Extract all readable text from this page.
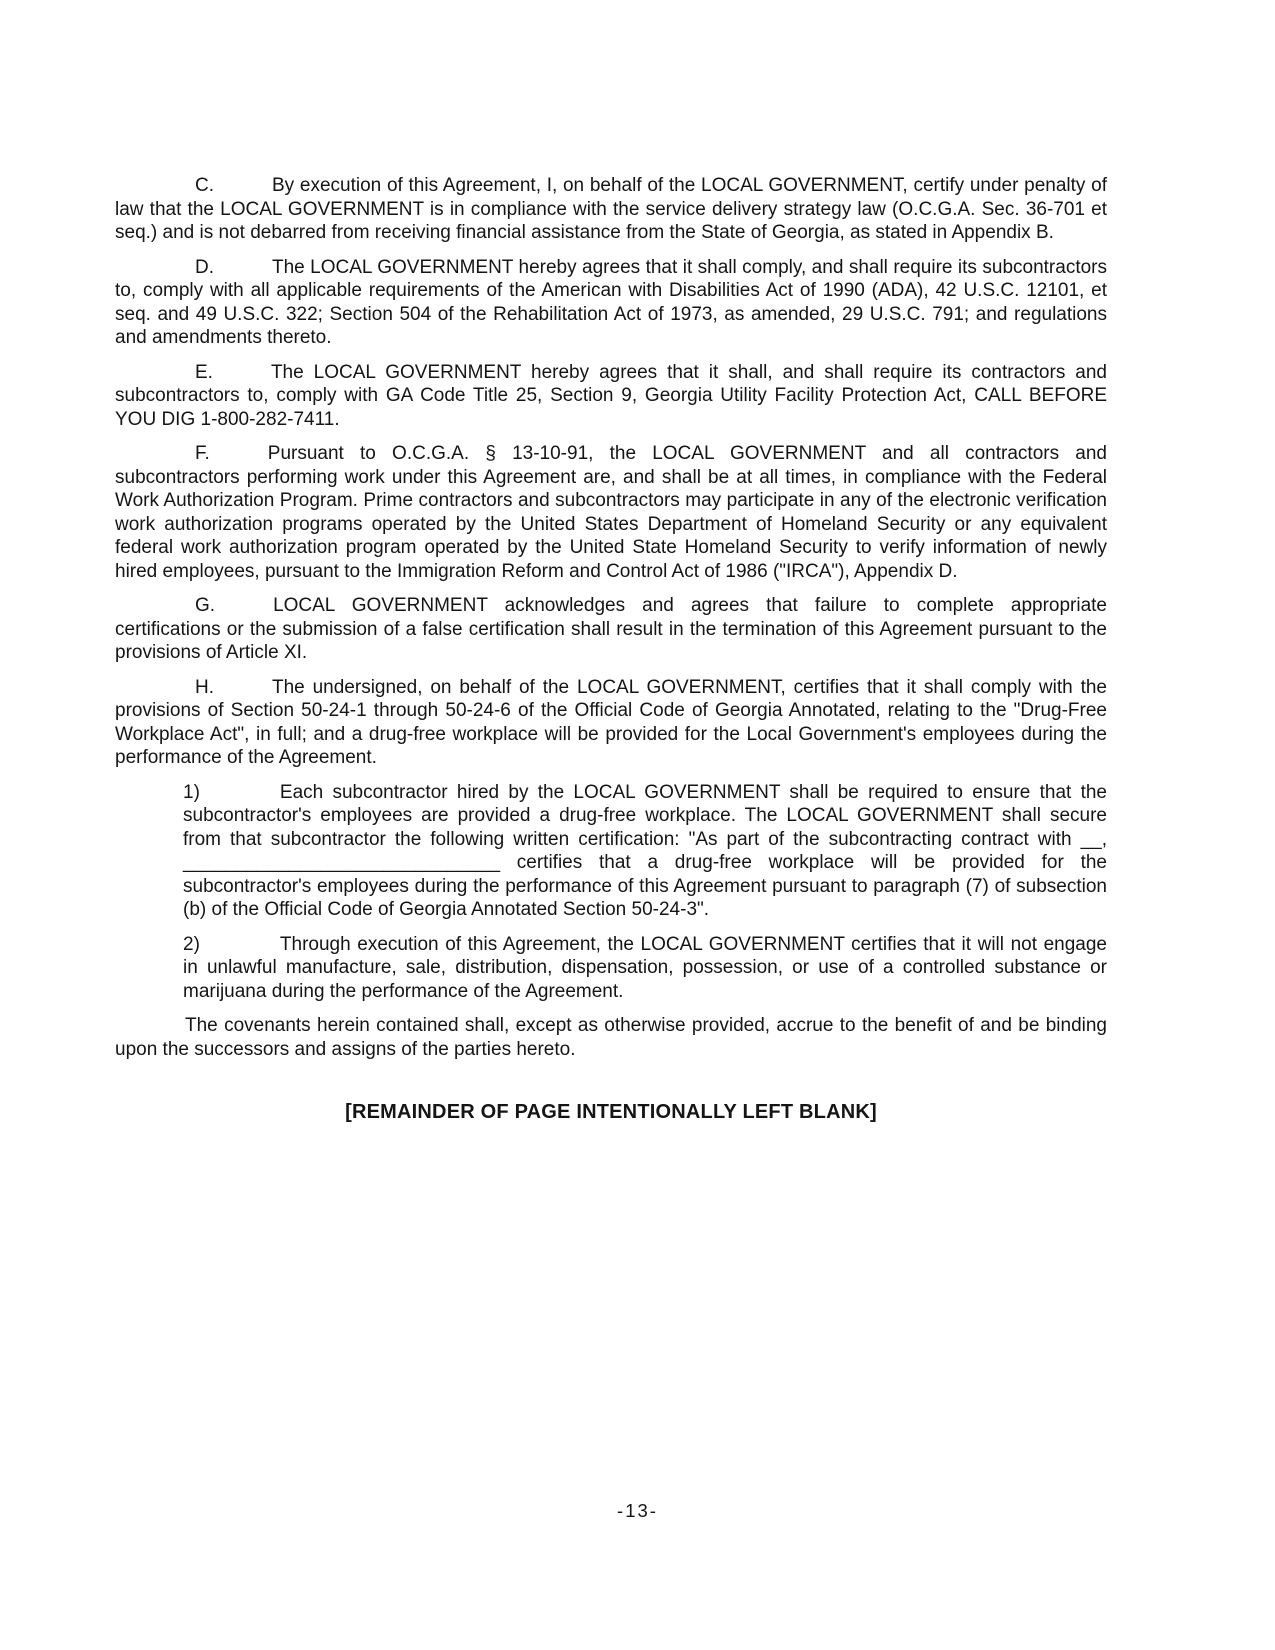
C.	By execution of this Agreement, I, on behalf of the LOCAL GOVERNMENT, certify under penalty of law that the LOCAL GOVERNMENT is in compliance with the service delivery strategy law (O.C.G.A. Sec. 36-701 et seq.) and is not debarred from receiving financial assistance from the State of Georgia, as stated in Appendix B.

D.	The LOCAL GOVERNMENT hereby agrees that it shall comply, and shall require its subcontractors to, comply with all applicable requirements of the American with Disabilities Act of 1990 (ADA), 42 U.S.C. 12101, et seq. and 49 U.S.C. 322; Section 504 of the Rehabilitation Act of 1973, as amended, 29 U.S.C. 791; and regulations and amendments thereto.

E.	The LOCAL GOVERNMENT hereby agrees that it shall, and shall require its contractors and subcontractors to, comply with GA Code Title 25, Section 9, Georgia Utility Facility Protection Act, CALL BEFORE YOU DIG 1-800-282-7411.

F.	Pursuant to O.C.G.A. § 13-10-91, the LOCAL GOVERNMENT and all contractors and subcontractors performing work under this Agreement are, and shall be at all times, in compliance with the Federal Work Authorization Program. Prime contractors and subcontractors may participate in any of the electronic verification work authorization programs operated by the United States Department of Homeland Security or any equivalent federal work authorization program operated by the United State Homeland Security to verify information of newly hired employees, pursuant to the Immigration Reform and Control Act of 1986 ("IRCA"), Appendix D.

G.	LOCAL GOVERNMENT acknowledges and agrees that failure to complete appropriate certifications or the submission of a false certification shall result in the termination of this Agreement pursuant to the provisions of Article XI.

H.	The undersigned, on behalf of the LOCAL GOVERNMENT, certifies that it shall comply with the provisions of Section 50-24-1 through 50-24-6 of the Official Code of Georgia Annotated, relating to the "Drug-Free Workplace Act", in full; and a drug-free workplace will be provided for the Local Government's employees during the performance of the Agreement.

1)	Each subcontractor hired by the LOCAL GOVERNMENT shall be required to ensure that the subcontractor's employees are provided a drug-free workplace. The LOCAL GOVERNMENT shall secure from that subcontractor the following written certification: "As part of the subcontracting contract with __, ______________________________ certifies that a drug-free workplace will be provided for the subcontractor's employees during the performance of this Agreement pursuant to paragraph (7) of subsection (b) of the Official Code of Georgia Annotated Section 50-24-3".

2)	Through execution of this Agreement, the LOCAL GOVERNMENT certifies that it will not engage in unlawful manufacture, sale, distribution, dispensation, possession, or use of a controlled substance or marijuana during the performance of the Agreement.

The covenants herein contained shall, except as otherwise provided, accrue to the benefit of and be binding upon the successors and assigns of the parties hereto.

[REMAINDER OF PAGE INTENTIONALLY LEFT BLANK]

-13-
